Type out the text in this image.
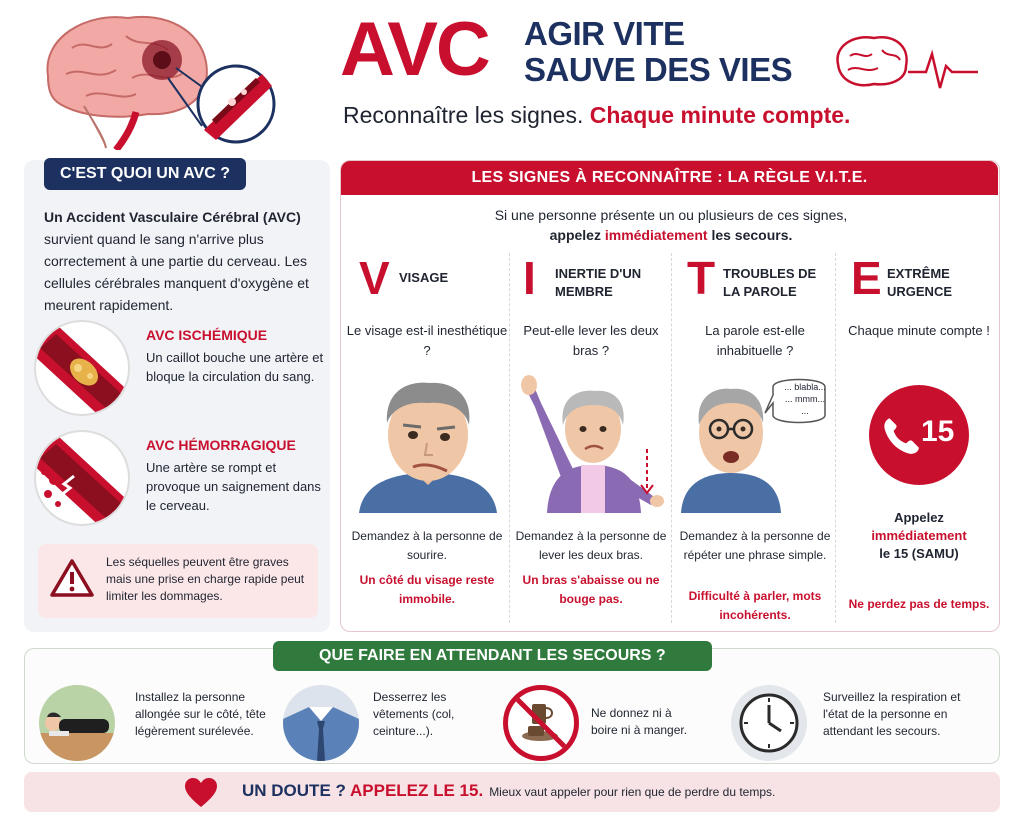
AVC AGIR VITE
SAUVE DES VIES
Reconnaître les signes. Chaque minute compte.
C'EST QUOI UN AVC ?
Un Accident Vasculaire Cérébral (AVC) survient quand le sang n'arrive plus correctement à une partie du cerveau. Les cellules cérébrales manquent d'oxygène et meurent rapidement.
AVC ISCHÉMIQUE
Un caillot bouche une artère et bloque la circulation du sang.
AVC HÉMORRAGIQUE
Une artère se rompt et provoque un saignement dans le cerveau.
Les séquelles peuvent être graves mais une prise en charge rapide peut limiter les dommages.
LES SIGNES À RECONNAÎTRE : LA RÈGLE V.I.T.E.
Si une personne présente un ou plusieurs de ces signes,
appelez immédiatement les secours.
V VISAGE
Le visage est-il inesthétique ?
Demandez à la personne de sourire.
Un côté du visage reste immobile.
I INERTIE D'UN MEMBRE
Peut-elle lever les deux bras ?
Demandez à la personne de lever les deux bras.
Un bras s'abaisse ou ne bouge pas.
T TROUBLES DE LA PAROLE
La parole est-elle inhabituelle ?
... blabla...
... mmm...
...
Demandez à la personne de répéter une phrase simple.
Difficulté à parler, mots incohérents.
E EXTRÊME URGENCE
Chaque minute compte !
15
Appelez
immédiatement
le 15 (SAMU)
Ne perdez pas de temps.
QUE FAIRE EN ATTENDANT LES SECOURS ?
Installez la personne allongée sur le côté, tête légèrement surélevée.
Desserrez les vêtements (col, ceinture...).
Ne donnez ni à boire ni à manger.
Surveillez la respiration et l'état de la personne en attendant les secours.
UN DOUTE ? APPELEZ LE 15. Mieux vaut appeler pour rien que de perdre du temps.
